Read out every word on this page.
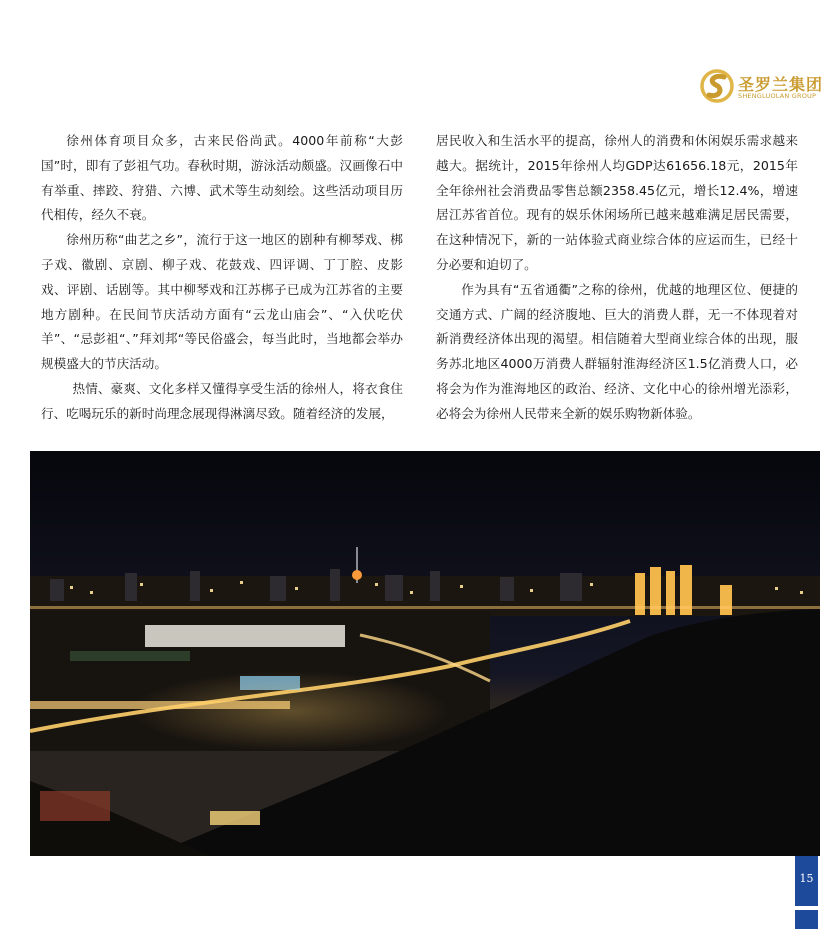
圣罗兰集团
SHENGLUOLAN GROUP

徐州体育项目众多，古来民俗尚武。4000年前称“大彭国”时，即有了彭祖气功。春秋时期，游泳活动颇盛。汉画像石中有举重、摔跤、狩猎、六博、武术等生动刻绘。这些活动项目历代相传，经久不衰。

徐州历称“曲艺之乡”，流行于这一地区的剧种有柳琴戏、梆子戏、徽剧、京剧、柳子戏、花鼓戏、四评调、丁丁腔、皮影戏、评剧、话剧等。其中柳琴戏和江苏梆子已成为江苏省的主要地方剧种。在民间节庆活动方面有“云龙山庙会”、“入伏吃伏羊”、“忌彭祖“、”拜刘邦“等民俗盛会，每当此时，当地都会举办规模盛大的节庆活动。

热情、豪爽、文化多样又懂得享受生活的徐州人，将衣食住行、吃喝玩乐的新时尚理念展现得淋漓尽致。随着经济的发展，

居民收入和生活水平的提高，徐州人的消费和休闲娱乐需求越来越大。据统计，2015年徐州人均GDP达61656.18元，2015年全年徐州社会消费品零售总额2358.45亿元，增长12.4%，增速居江苏省首位。现有的娱乐休闲场所已越来越难满足居民需要，在这种情况下，新的一站体验式商业综合体的应运而生，已经十分必要和迫切了。

作为具有“五省通衢”之称的徐州，优越的地理区位、便捷的交通方式、广阔的经济腹地、巨大的消费人群，无一不体现着对新消费经济体出现的渴望。相信随着大型商业综合体的出现，服务苏北地区4000万消费人群辐射淮海经济区1.5亿消费人口，必将会为作为淮海地区的政治、经济、文化中心的徐州增光添彩，必将会为徐州人民带来全新的娱乐购物新体验。

15
